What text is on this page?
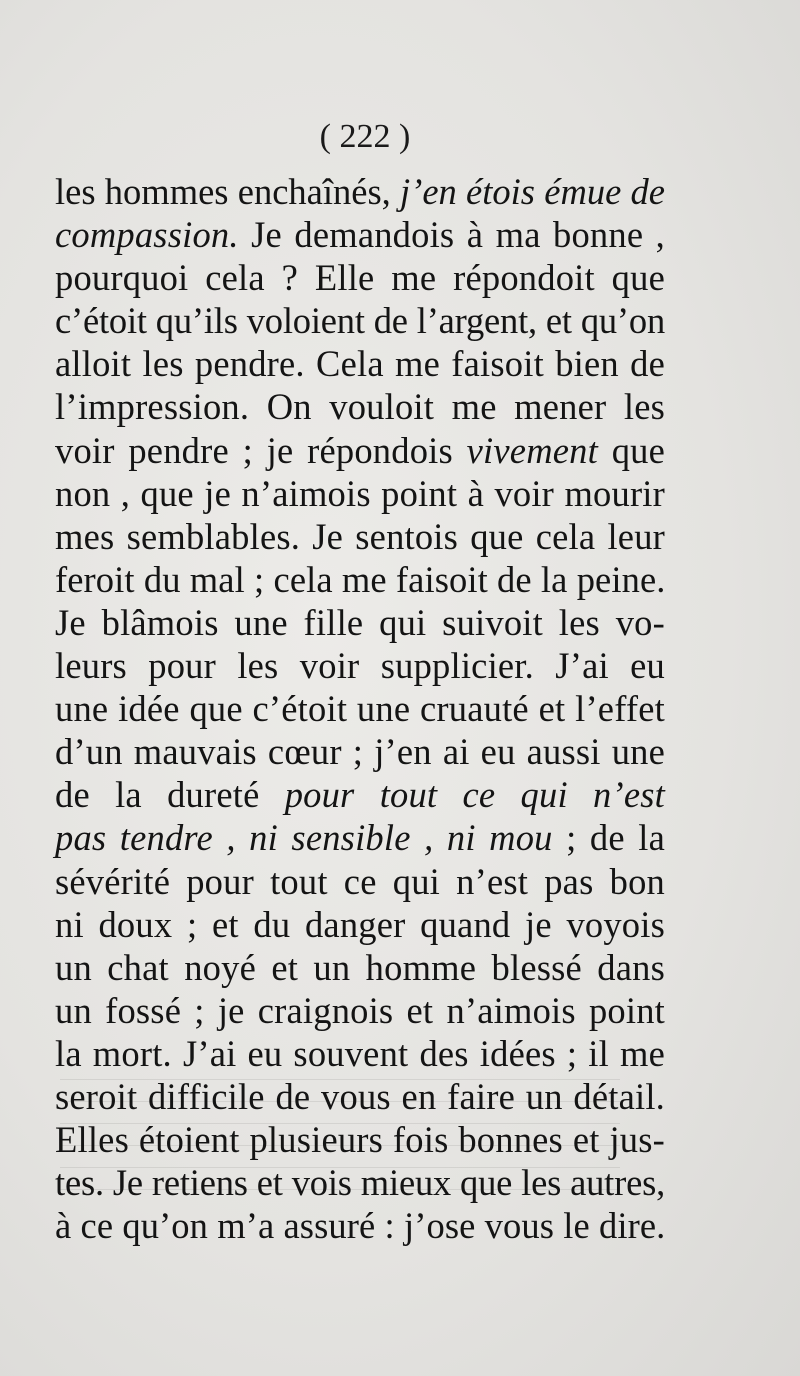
( 222 )
les hommes enchaînés, j’en étois émue de
compassion. Je demandois à ma bonne ,
pourquoi cela ? Elle me répondoit que
c’étoit qu’ils voloient de l’argent, et qu’on
alloit les pendre. Cela me faisoit bien de
l’impression. On vouloit me mener les
voir pendre ; je répondois vivement que
non , que je n’aimois point à voir mourir
mes semblables. Je sentois que cela leur
feroit du mal ; cela me faisoit de la peine.
Je blâmois une fille qui suivoit les vo-
leurs pour les voir supplicier. J’ai eu
une idée que c’étoit une cruauté et l’effet
d’un mauvais cœur ; j’en ai eu aussi une
de la dureté pour tout ce qui n’est
pas tendre , ni sensible , ni mou ; de la
sévérité pour tout ce qui n’est pas bon
ni doux ; et du danger quand je voyois
un chat noyé et un homme blessé dans
un fossé ; je craignois et n’aimois point
la mort. J’ai eu souvent des idées ; il me
seroit difficile de vous en faire un détail.
Elles étoient plusieurs fois bonnes et jus-
tes. Je retiens et vois mieux que les autres,
à ce qu’on m’a assuré : j’ose vous le dire.
